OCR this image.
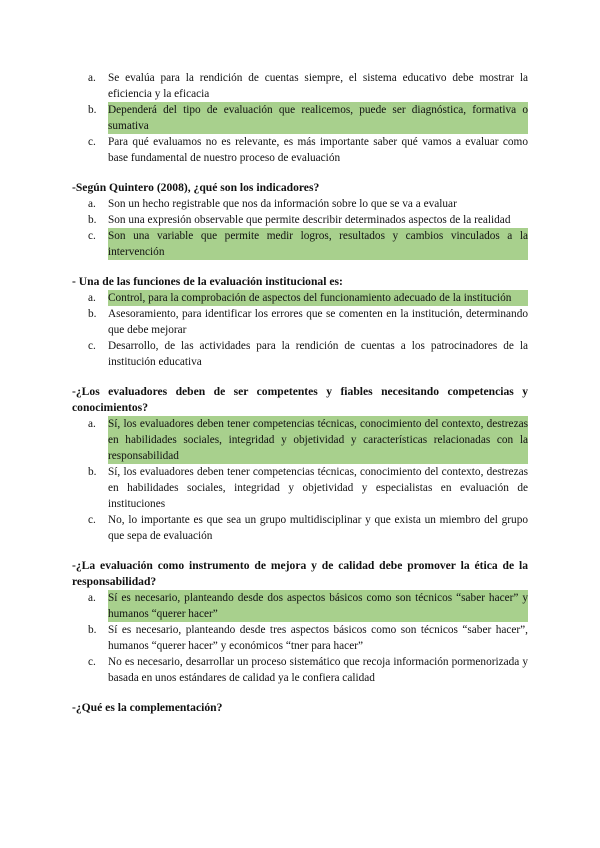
a.	Se evalúa para la rendición de cuentas siempre, el sistema educativo debe mostrar la eficiencia y la eficacia
b.	Dependerá del tipo de evaluación que realicemos, puede ser diagnóstica, formativa o sumativa
c.	Para qué evaluamos no es relevante, es más importante saber qué vamos a evaluar como base fundamental de nuestro proceso de evaluación

-Según Quintero (2008), ¿qué son los indicadores?

a.	Son un hecho registrable que nos da información sobre lo que se va a evaluar
b.	Son una expresión observable que permite describir determinados aspectos de la realidad
c.	Son una variable que permite medir logros, resultados y cambios vinculados a la intervención

- Una de las funciones de la evaluación institucional es:

a.	Control, para la comprobación de aspectos del funcionamiento adecuado de la institución
b.	Asesoramiento, para identificar los errores que se comenten en la institución, determinando que debe mejorar
c.	Desarrollo, de las actividades para la rendición de cuentas a los patrocinadores de la institución educativa

-¿Los evaluadores deben de ser competentes y fiables necesitando competencias y conocimientos?

a.	Sí, los evaluadores deben tener competencias técnicas, conocimiento del contexto, destrezas en habilidades sociales, integridad y objetividad y características relacionadas con la responsabilidad
b.	Sí, los evaluadores deben tener competencias técnicas, conocimiento del contexto, destrezas en habilidades sociales, integridad y objetividad y especialistas en evaluación de instituciones
c.	No, lo importante es que sea un grupo multidisciplinar y que exista un miembro del grupo que sepa de evaluación

-¿La evaluación como instrumento de mejora y de calidad debe promover la ética de la responsabilidad?

a.	Sí es necesario, planteando desde dos aspectos básicos como son técnicos “saber hacer” y humanos “querer hacer”
b.	Sí es necesario, planteando desde tres aspectos básicos como son técnicos “saber hacer”, humanos “querer hacer” y económicos “tner para hacer”
c.	No es necesario, desarrollar un proceso sistemático que recoja información pormenorizada y basada en unos estándares de calidad ya le confiera calidad

-¿Qué es la complementación?
